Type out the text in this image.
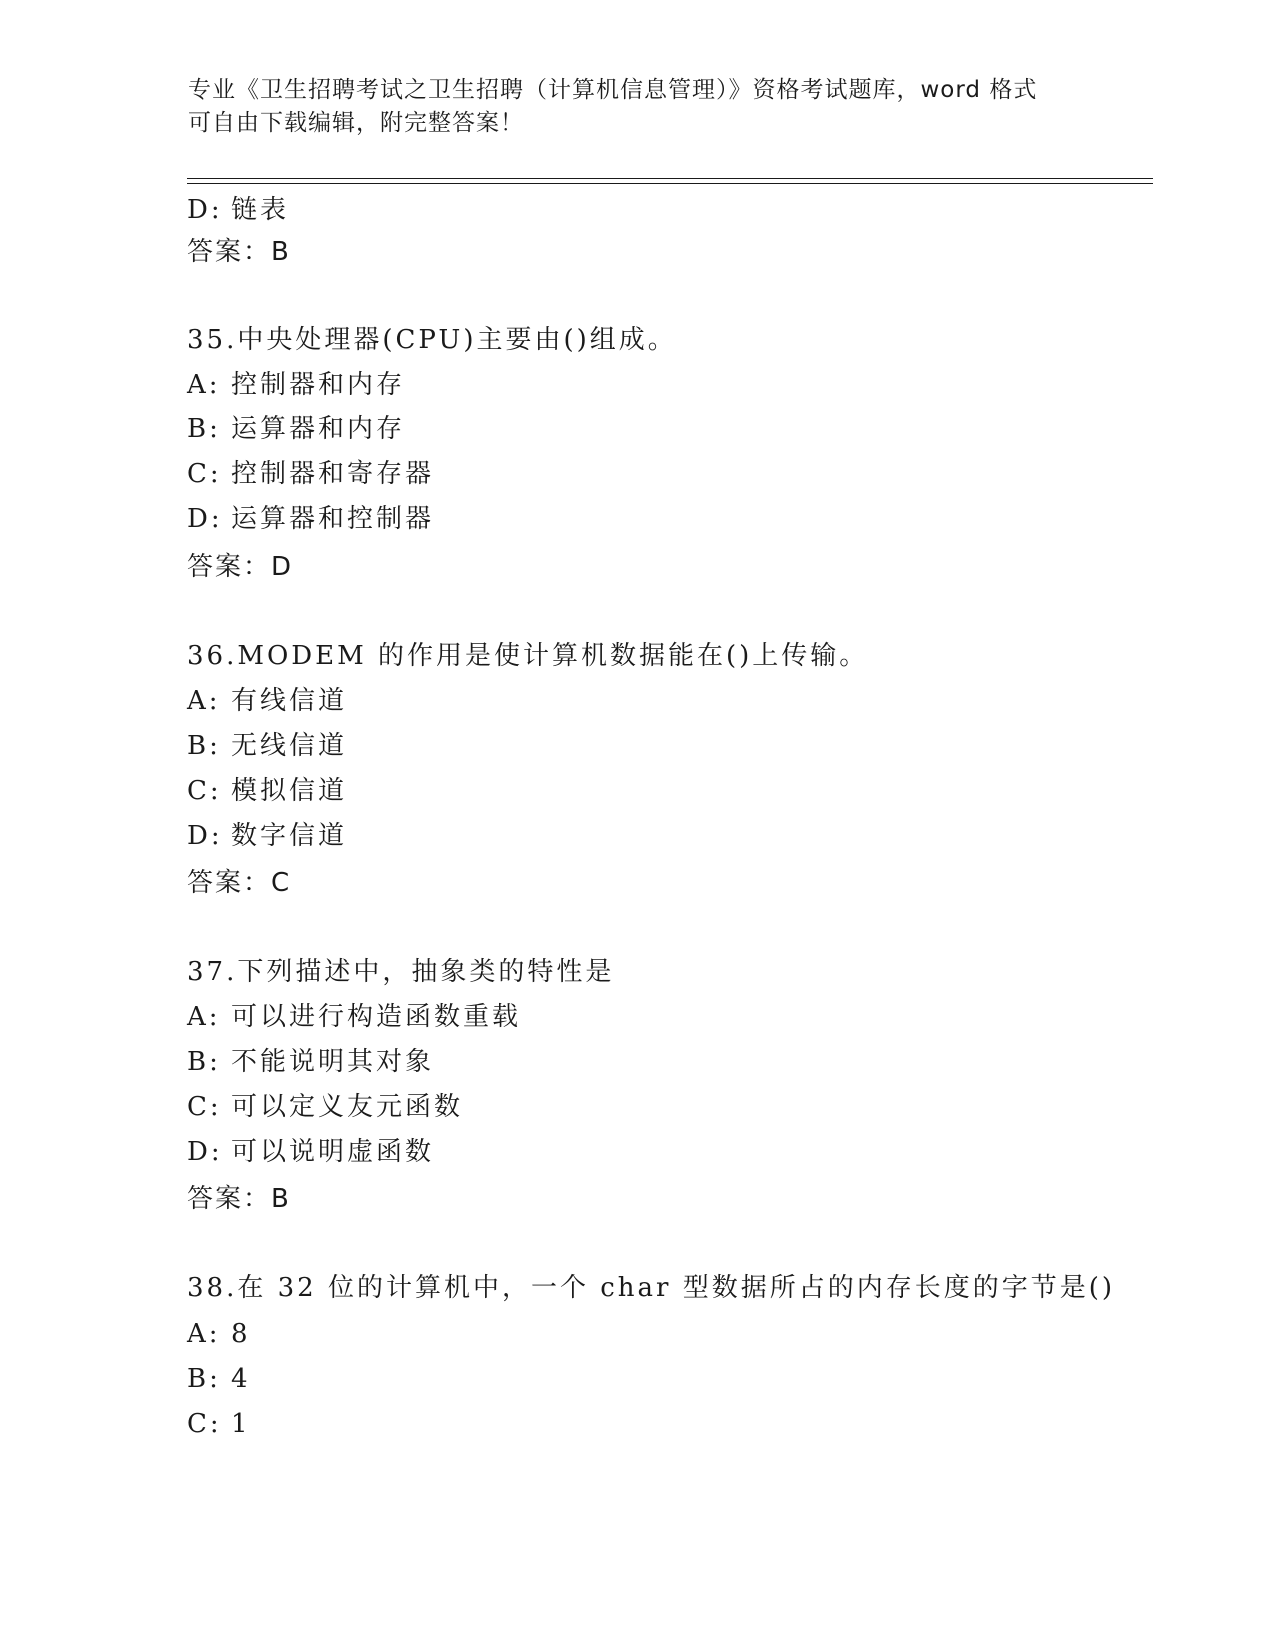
专业《卫生招聘考试之卫生招聘（计算机信息管理）》资格考试题库，word 格式
可自由下载编辑，附完整答案！
D: 链表
答案：B
35.中央处理器(CPU)主要由()组成。
A: 控制器和内存
B: 运算器和内存
C: 控制器和寄存器
D: 运算器和控制器
答案：D
36.MODEM 的作用是使计算机数据能在()上传输。
A: 有线信道
B: 无线信道
C: 模拟信道
D: 数字信道
答案：C
37.下列描述中，抽象类的特性是
A: 可以进行构造函数重载
B: 不能说明其对象
C: 可以定义友元函数
D: 可以说明虚函数
答案：B
38.在 32 位的计算机中，一个 char 型数据所占的内存长度的字节是()
A: 8
B: 4
C: 1
